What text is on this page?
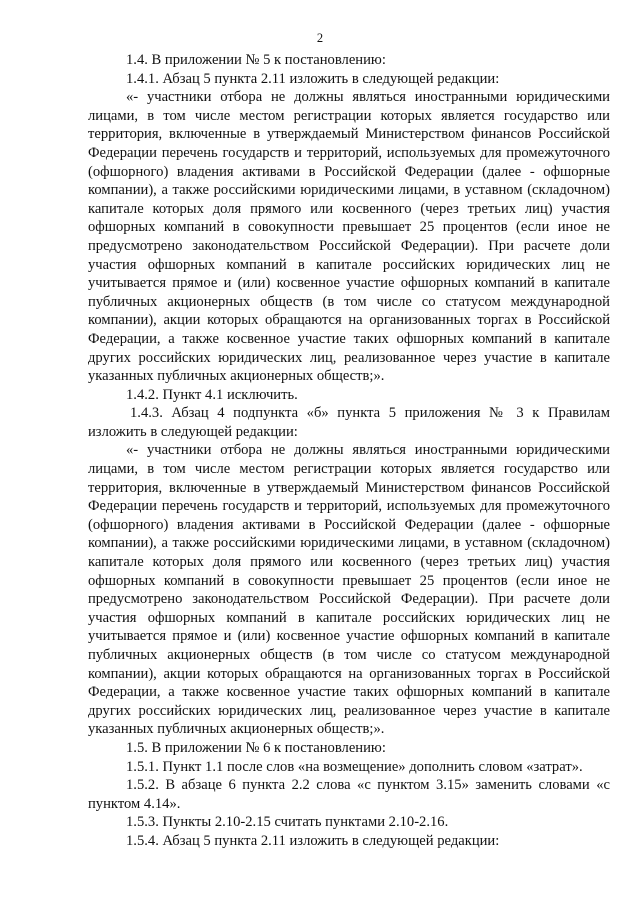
2

1.4. В приложении № 5 к постановлению:

1.4.1. Абзац 5 пункта 2.11 изложить в следующей редакции:

«- участники отбора не должны являться иностранными юридическими лицами, в том числе местом регистрации которых является государство или территория, включенные в утверждаемый Министерством финансов Российской Федерации перечень государств и территорий, используемых для промежуточного (офшорного) владения активами в Российской Федерации (далее - офшорные компании), а также российскими юридическими лицами, в уставном (складочном) капитале которых доля прямого или косвенного (через третьих лиц) участия офшорных компаний в совокупности превышает 25 процентов (если иное не предусмотрено законодательством Российской Федерации). При расчете доли участия офшорных компаний в капитале российских юридических лиц не учитывается прямое и (или) косвенное участие офшорных компаний в капитале публичных акционерных обществ (в том числе со статусом международной компании), акции которых обращаются на организованных торгах в Российской Федерации, а также косвенное участие таких офшорных компаний в капитале других российских юридических лиц, реализованное через участие в капитале указанных публичных акционерных обществ;».

1.4.2. Пункт 4.1 исключить.

1.4.3. Абзац 4 подпункта «б» пункта 5 приложения № 3 к Правилам изложить в следующей редакции:

«- участники отбора не должны являться иностранными юридическими лицами, в том числе местом регистрации которых является государство или территория, включенные в утверждаемый Министерством финансов Российской Федерации перечень государств и территорий, используемых для промежуточного (офшорного) владения активами в Российской Федерации (далее - офшорные компании), а также российскими юридическими лицами, в уставном (складочном) капитале которых доля прямого или косвенного (через третьих лиц) участия офшорных компаний в совокупности превышает 25 процентов (если иное не предусмотрено законодательством Российской Федерации). При расчете доли участия офшорных компаний в капитале российских юридических лиц не учитывается прямое и (или) косвенное участие офшорных компаний в капитале публичных акционерных обществ (в том числе со статусом международной компании), акции которых обращаются на организованных торгах в Российской Федерации, а также косвенное участие таких офшорных компаний в капитале других российских юридических лиц, реализованное через участие в капитале указанных публичных акционерных обществ;».

1.5. В приложении № 6 к постановлению:

1.5.1. Пункт 1.1 после слов «на возмещение» дополнить словом «затрат».

1.5.2. В абзаце 6 пункта 2.2 слова «с пунктом 3.15» заменить словами «с пунктом 4.14».

1.5.3. Пункты 2.10-2.15 считать пунктами 2.10-2.16.

1.5.4. Абзац 5 пункта 2.11 изложить в следующей редакции:
